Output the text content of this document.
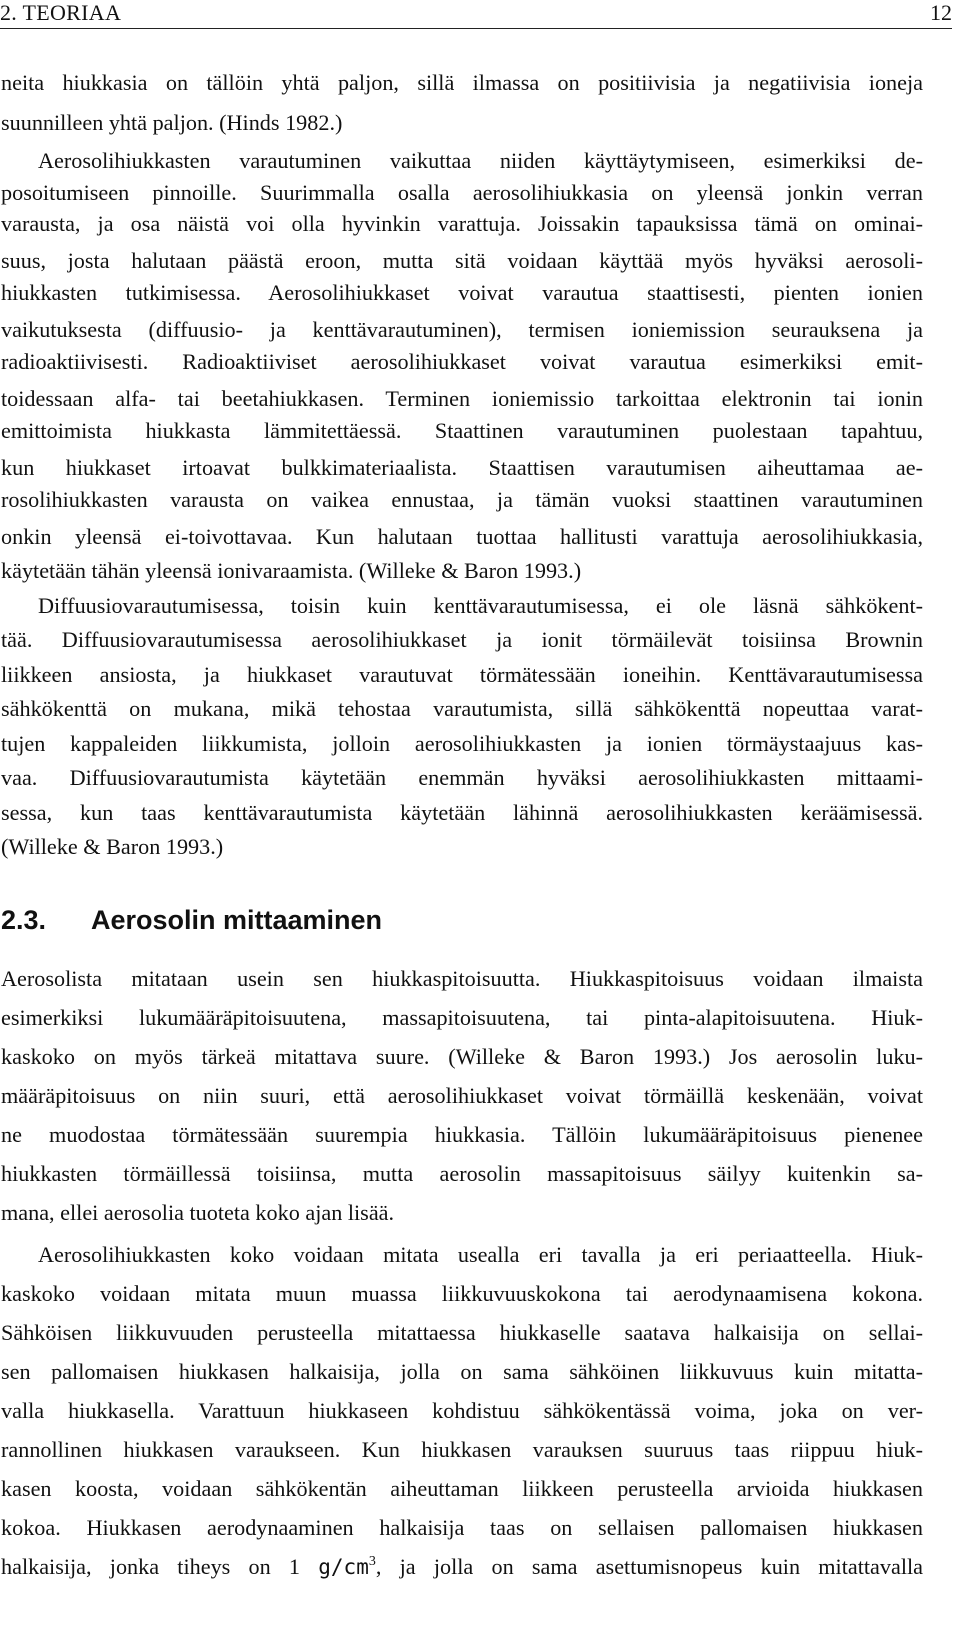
2. TEORIAA	12
neita hiukkasia on tällöin yhtä paljon, sillä ilmassa on positiivisia ja negatiivisia ioneja
suunnilleen yhtä paljon. (Hinds 1982.)
Aerosolihiukkasten varautuminen vaikuttaa niiden käyttäytymiseen, esimerkiksi de-
posoitumiseen pinnoille. Suurimmalla osalla aerosolihiukkasia on yleensä jonkin verran
varausta, ja osa näistä voi olla hyvinkin varattuja. Joissakin tapauksissa tämä on ominai-
suus, josta halutaan päästä eroon, mutta sitä voidaan käyttää myös hyväksi aerosoli-
hiukkasten tutkimisessa. Aerosolihiukkaset voivat varautua staattisesti, pienten ionien
vaikutuksesta (diffuusio- ja kenttävarautuminen), termisen ioniemission seurauksena ja
radioaktiivisesti. Radioaktiiviset aerosolihiukkaset voivat varautua esimerkiksi emit-
toidessaan alfa- tai beetahiukkasen. Terminen ioniemissio tarkoittaa elektronin tai ionin
emittoimista hiukkasta lämmitettäessä. Staattinen varautuminen puolestaan tapahtuu,
kun hiukkaset irtoavat bulkkimateriaalista. Staattisen varautumisen aiheuttamaa ae-
rosolihiukkasten varausta on vaikea ennustaa, ja tämän vuoksi staattinen varautuminen
onkin yleensä ei-toivottavaa. Kun halutaan tuottaa hallitusti varattuja aerosolihiukkasia,
käytetään tähän yleensä ionivaraamista. (Willeke & Baron 1993.)
Diffuusiovarautumisessa, toisin kuin kenttävarautumisessa, ei ole läsnä sähkökent-
tää. Diffuusiovarautumisessa aerosolihiukkaset ja ionit törmäilevät toisiinsa Brownin
liikkeen ansiosta, ja hiukkaset varautuvat törmätessään ioneihin. Kenttävarautumisessa
sähkökenttä on mukana, mikä tehostaa varautumista, sillä sähkökenttä nopeuttaa varat-
tujen kappaleiden liikkumista, jolloin aerosolihiukkasten ja ionien törmäystaajuus kas-
vaa. Diffuusiovarautumista käytetään enemmän hyväksi aerosolihiukkasten mittaami-
sessa, kun taas kenttävarautumista käytetään lähinnä aerosolihiukkasten keräämisessä.
(Willeke & Baron 1993.)
2.3. Aerosolin mittaaminen
Aerosolista mitataan usein sen hiukkaspitoisuutta. Hiukkaspitoisuus voidaan ilmaista
esimerkiksi lukumääräpitoisuutena, massapitoisuutena, tai pinta-alapitoisuutena. Hiuk-
kaskoko on myös tärkeä mitattava suure. (Willeke & Baron 1993.) Jos aerosolin luku-
määräpitoisuus on niin suuri, että aerosolihiukkaset voivat törmäillä keskenään, voivat
ne muodostaa törmätessään suurempia hiukkasia. Tällöin lukumääräpitoisuus pienenee
hiukkasten törmäillessä toisiinsa, mutta aerosolin massapitoisuus säilyy kuitenkin sa-
mana, ellei aerosolia tuoteta koko ajan lisää.
Aerosolihiukkasten koko voidaan mitata usealla eri tavalla ja eri periaatteella. Hiuk-
kaskoko voidaan mitata muun muassa liikkuvuuskokona tai aerodynaamisena kokona.
Sähköisen liikkuvuuden perusteella mitattaessa hiukkaselle saatava halkaisija on sellai-
sen pallomaisen hiukkasen halkaisija, jolla on sama sähköinen liikkuvuus kuin mitatta-
valla hiukkasella. Varattuun hiukkaseen kohdistuu sähkökentässä voima, joka on ver-
rannollinen hiukkasen varaukseen. Kun hiukkasen varauksen suuruus taas riippuu hiuk-
kasen koosta, voidaan sähkökentän aiheuttaman liikkeen perusteella arvioida hiukkasen
kokoa. Hiukkasen aerodynaaminen halkaisija taas on sellaisen pallomaisen hiukkasen
halkaisija, jonka tiheys on 1 $g/cm^3$, ja jolla on sama asettumisnopeus kuin mitattavalla
